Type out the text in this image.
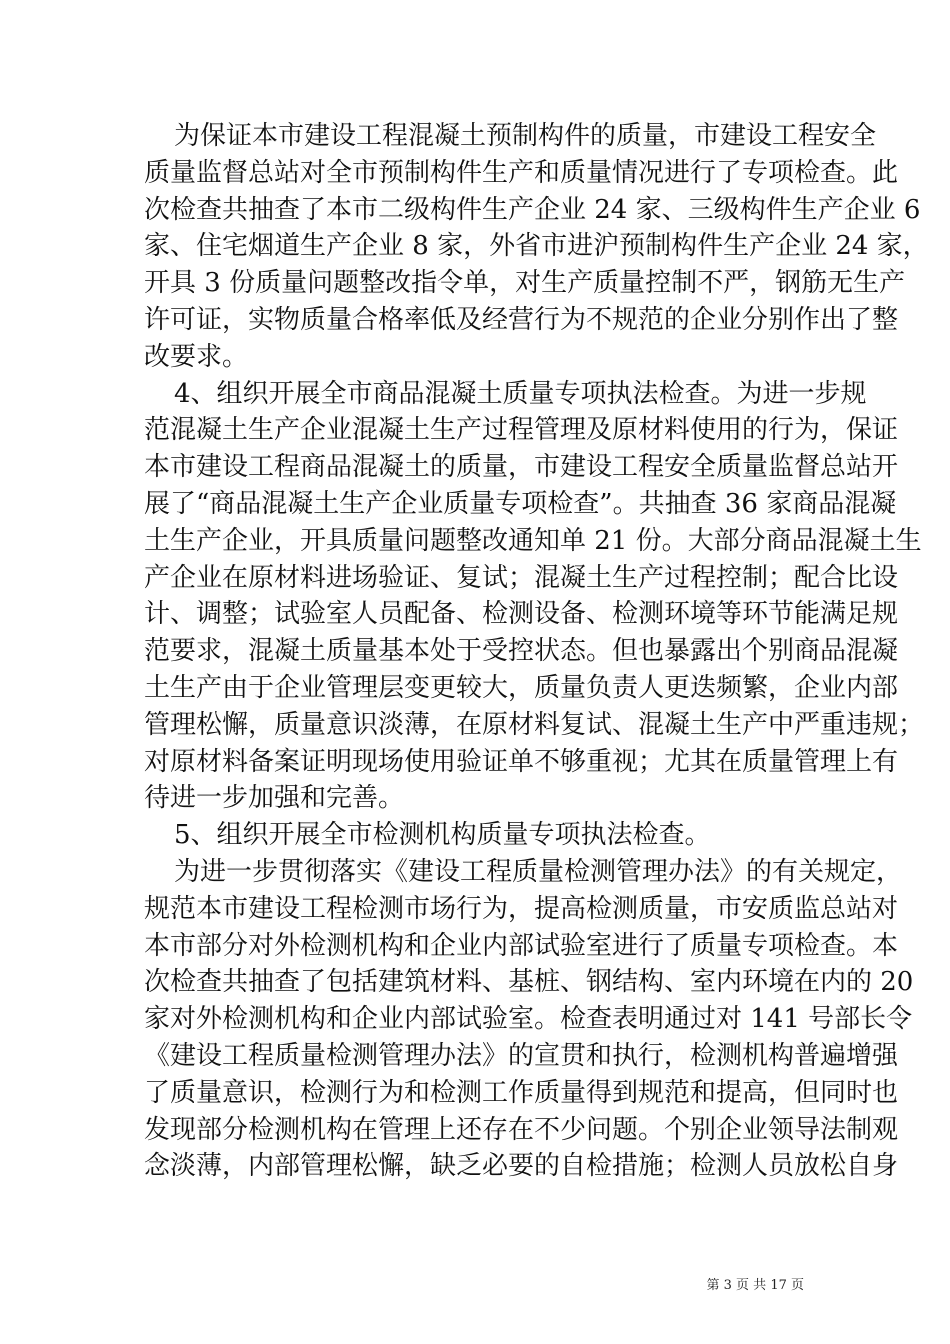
为保证本市建设工程混凝土预制构件的质量，市建设工程安全
质量监督总站对全市预制构件生产和质量情况进行了专项检查。此
次检查共抽查了本市二级构件生产企业 24 家、三级构件生产企业 6
家、住宅烟道生产企业 8 家，外省市进沪预制构件生产企业 24 家，
开具 3 份质量问题整改指令单，对生产质量控制不严，钢筋无生产
许可证，实物质量合格率低及经营行为不规范的企业分别作出了整
改要求。
4、组织开展全市商品混凝土质量专项执法检查。为进一步规
范混凝土生产企业混凝土生产过程管理及原材料使用的行为，保证
本市建设工程商品混凝土的质量，市建设工程安全质量监督总站开
展了“商品混凝土生产企业质量专项检查”。共抽查 36 家商品混凝
土生产企业，开具质量问题整改通知单 21 份。大部分商品混凝土生
产企业在原材料进场验证、复试；混凝土生产过程控制；配合比设
计、调整；试验室人员配备、检测设备、检测环境等环节能满足规
范要求，混凝土质量基本处于受控状态。但也暴露出个别商品混凝
土生产由于企业管理层变更较大，质量负责人更迭频繁，企业内部
管理松懈，质量意识淡薄，在原材料复试、混凝土生产中严重违规；
对原材料备案证明现场使用验证单不够重视；尤其在质量管理上有
待进一步加强和完善。
5、组织开展全市检测机构质量专项执法检查。
为进一步贯彻落实《建设工程质量检测管理办法》的有关规定，
规范本市建设工程检测市场行为，提高检测质量，市安质监总站对
本市部分对外检测机构和企业内部试验室进行了质量专项检查。本
次检查共抽查了包括建筑材料、基桩、钢结构、室内环境在内的 20
家对外检测机构和企业内部试验室。检查表明通过对 141 号部长令
《建设工程质量检测管理办法》的宣贯和执行，检测机构普遍增强
了质量意识，检测行为和检测工作质量得到规范和提高，但同时也
发现部分检测机构在管理上还存在不少问题。个别企业领导法制观
念淡薄，内部管理松懈，缺乏必要的自检措施；检测人员放松自身
第 3 页 共 17 页
